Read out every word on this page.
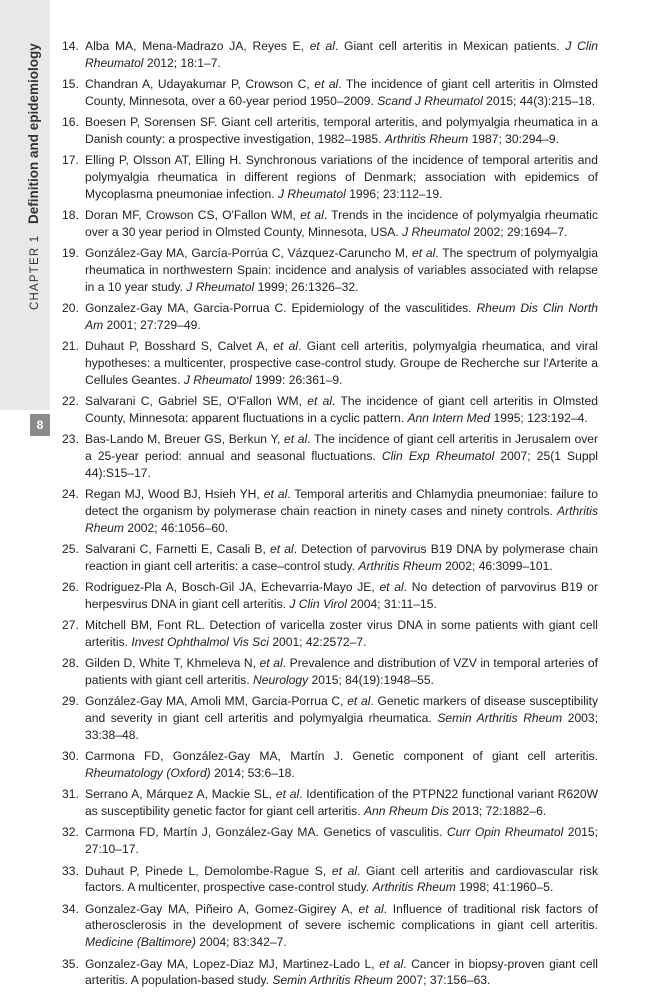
CHAPTER 1 Definition and epidemiology
8
14. Alba MA, Mena-Madrazo JA, Reyes E, et al. Giant cell arteritis in Mexican patients. J Clin Rheumatol 2012; 18:1–7.
15. Chandran A, Udayakumar P, Crowson C, et al. The incidence of giant cell arteritis in Olmsted County, Minnesota, over a 60-year period 1950–2009. Scand J Rheumatol 2015; 44(3):215–18.
16. Boesen P, Sorensen SF. Giant cell arteritis, temporal arteritis, and polymyalgia rheumatica in a Danish county: a prospective investigation, 1982–1985. Arthritis Rheum 1987; 30:294–9.
17. Elling P, Olsson AT, Elling H. Synchronous variations of the incidence of temporal arteritis and polymyalgia rheumatica in different regions of Denmark; association with epidemics of Mycoplasma pneumoniae infection. J Rheumatol 1996; 23:112–19.
18. Doran MF, Crowson CS, O'Fallon WM, et al. Trends in the incidence of polymyalgia rheumatic over a 30 year period in Olmsted County, Minnesota, USA. J Rheumatol 2002; 29:1694–7.
19. González-Gay MA, García-Porrúa C, Vázquez-Caruncho M, et al. The spectrum of polymyalgia rheumatica in northwestern Spain: incidence and analysis of variables associated with relapse in a 10 year study. J Rheumatol 1999; 26:1326–32.
20. Gonzalez-Gay MA, Garcia-Porrua C. Epidemiology of the vasculitides. Rheum Dis Clin North Am 2001; 27:729–49.
21. Duhaut P, Bosshard S, Calvet A, et al. Giant cell arteritis, polymyalgia rheumatica, and viral hypotheses: a multicenter, prospective case-control study. Groupe de Recherche sur l'Arterite a Cellules Geantes. J Rheumatol 1999: 26:361–9.
22. Salvarani C, Gabriel SE, O'Fallon WM, et al. The incidence of giant cell arteritis in Olmsted County, Minnesota: apparent fluctuations in a cyclic pattern. Ann Intern Med 1995; 123:192–4.
23. Bas-Lando M, Breuer GS, Berkun Y, et al. The incidence of giant cell arteritis in Jerusalem over a 25-year period: annual and seasonal fluctuations. Clin Exp Rheumatol 2007; 25(1 Suppl 44):S15–17.
24. Regan MJ, Wood BJ, Hsieh YH, et al. Temporal arteritis and Chlamydia pneumoniae: failure to detect the organism by polymerase chain reaction in ninety cases and ninety controls. Arthritis Rheum 2002; 46:1056–60.
25. Salvarani C, Farnetti E, Casali B, et al. Detection of parvovirus B19 DNA by polymerase chain reaction in giant cell arteritis: a case–control study. Arthritis Rheum 2002; 46:3099–101.
26. Rodriguez-Pla A, Bosch-Gil JA, Echevarria-Mayo JE, et al. No detection of parvovirus B19 or herpesvirus DNA in giant cell arteritis. J Clin Virol 2004; 31:11–15.
27. Mitchell BM, Font RL. Detection of varicella zoster virus DNA in some patients with giant cell arteritis. Invest Ophthalmol Vis Sci 2001; 42:2572–7.
28. Gilden D, White T, Khmeleva N, et al. Prevalence and distribution of VZV in temporal arteries of patients with giant cell arteritis. Neurology 2015; 84(19):1948–55.
29. González-Gay MA, Amoli MM, Garcia-Porrua C, et al. Genetic markers of disease susceptibility and severity in giant cell arteritis and polymyalgia rheumatica. Semin Arthritis Rheum 2003; 33:38–48.
30. Carmona FD, González-Gay MA, Martín J. Genetic component of giant cell arteritis. Rheumatology (Oxford) 2014; 53:6–18.
31. Serrano A, Márquez A, Mackie SL, et al. Identification of the PTPN22 functional variant R620W as susceptibility genetic factor for giant cell arteritis. Ann Rheum Dis 2013; 72:1882–6.
32. Carmona FD, Martín J, González-Gay MA. Genetics of vasculitis. Curr Opin Rheumatol 2015; 27:10–17.
33. Duhaut P, Pinede L, Demolombe-Rague S, et al. Giant cell arteritis and cardiovascular risk factors. A multicenter, prospective case-control study. Arthritis Rheum 1998; 41:1960–5.
34. Gonzalez-Gay MA, Piñeiro A, Gomez-Gigirey A, et al. Influence of traditional risk factors of atherosclerosis in the development of severe ischemic complications in giant cell arteritis. Medicine (Baltimore) 2004; 83:342–7.
35. Gonzalez-Gay MA, Lopez-Diaz MJ, Martinez-Lado L, et al. Cancer in biopsy-proven giant cell arteritis. A population-based study. Semin Arthritis Rheum 2007; 37:156–63.
